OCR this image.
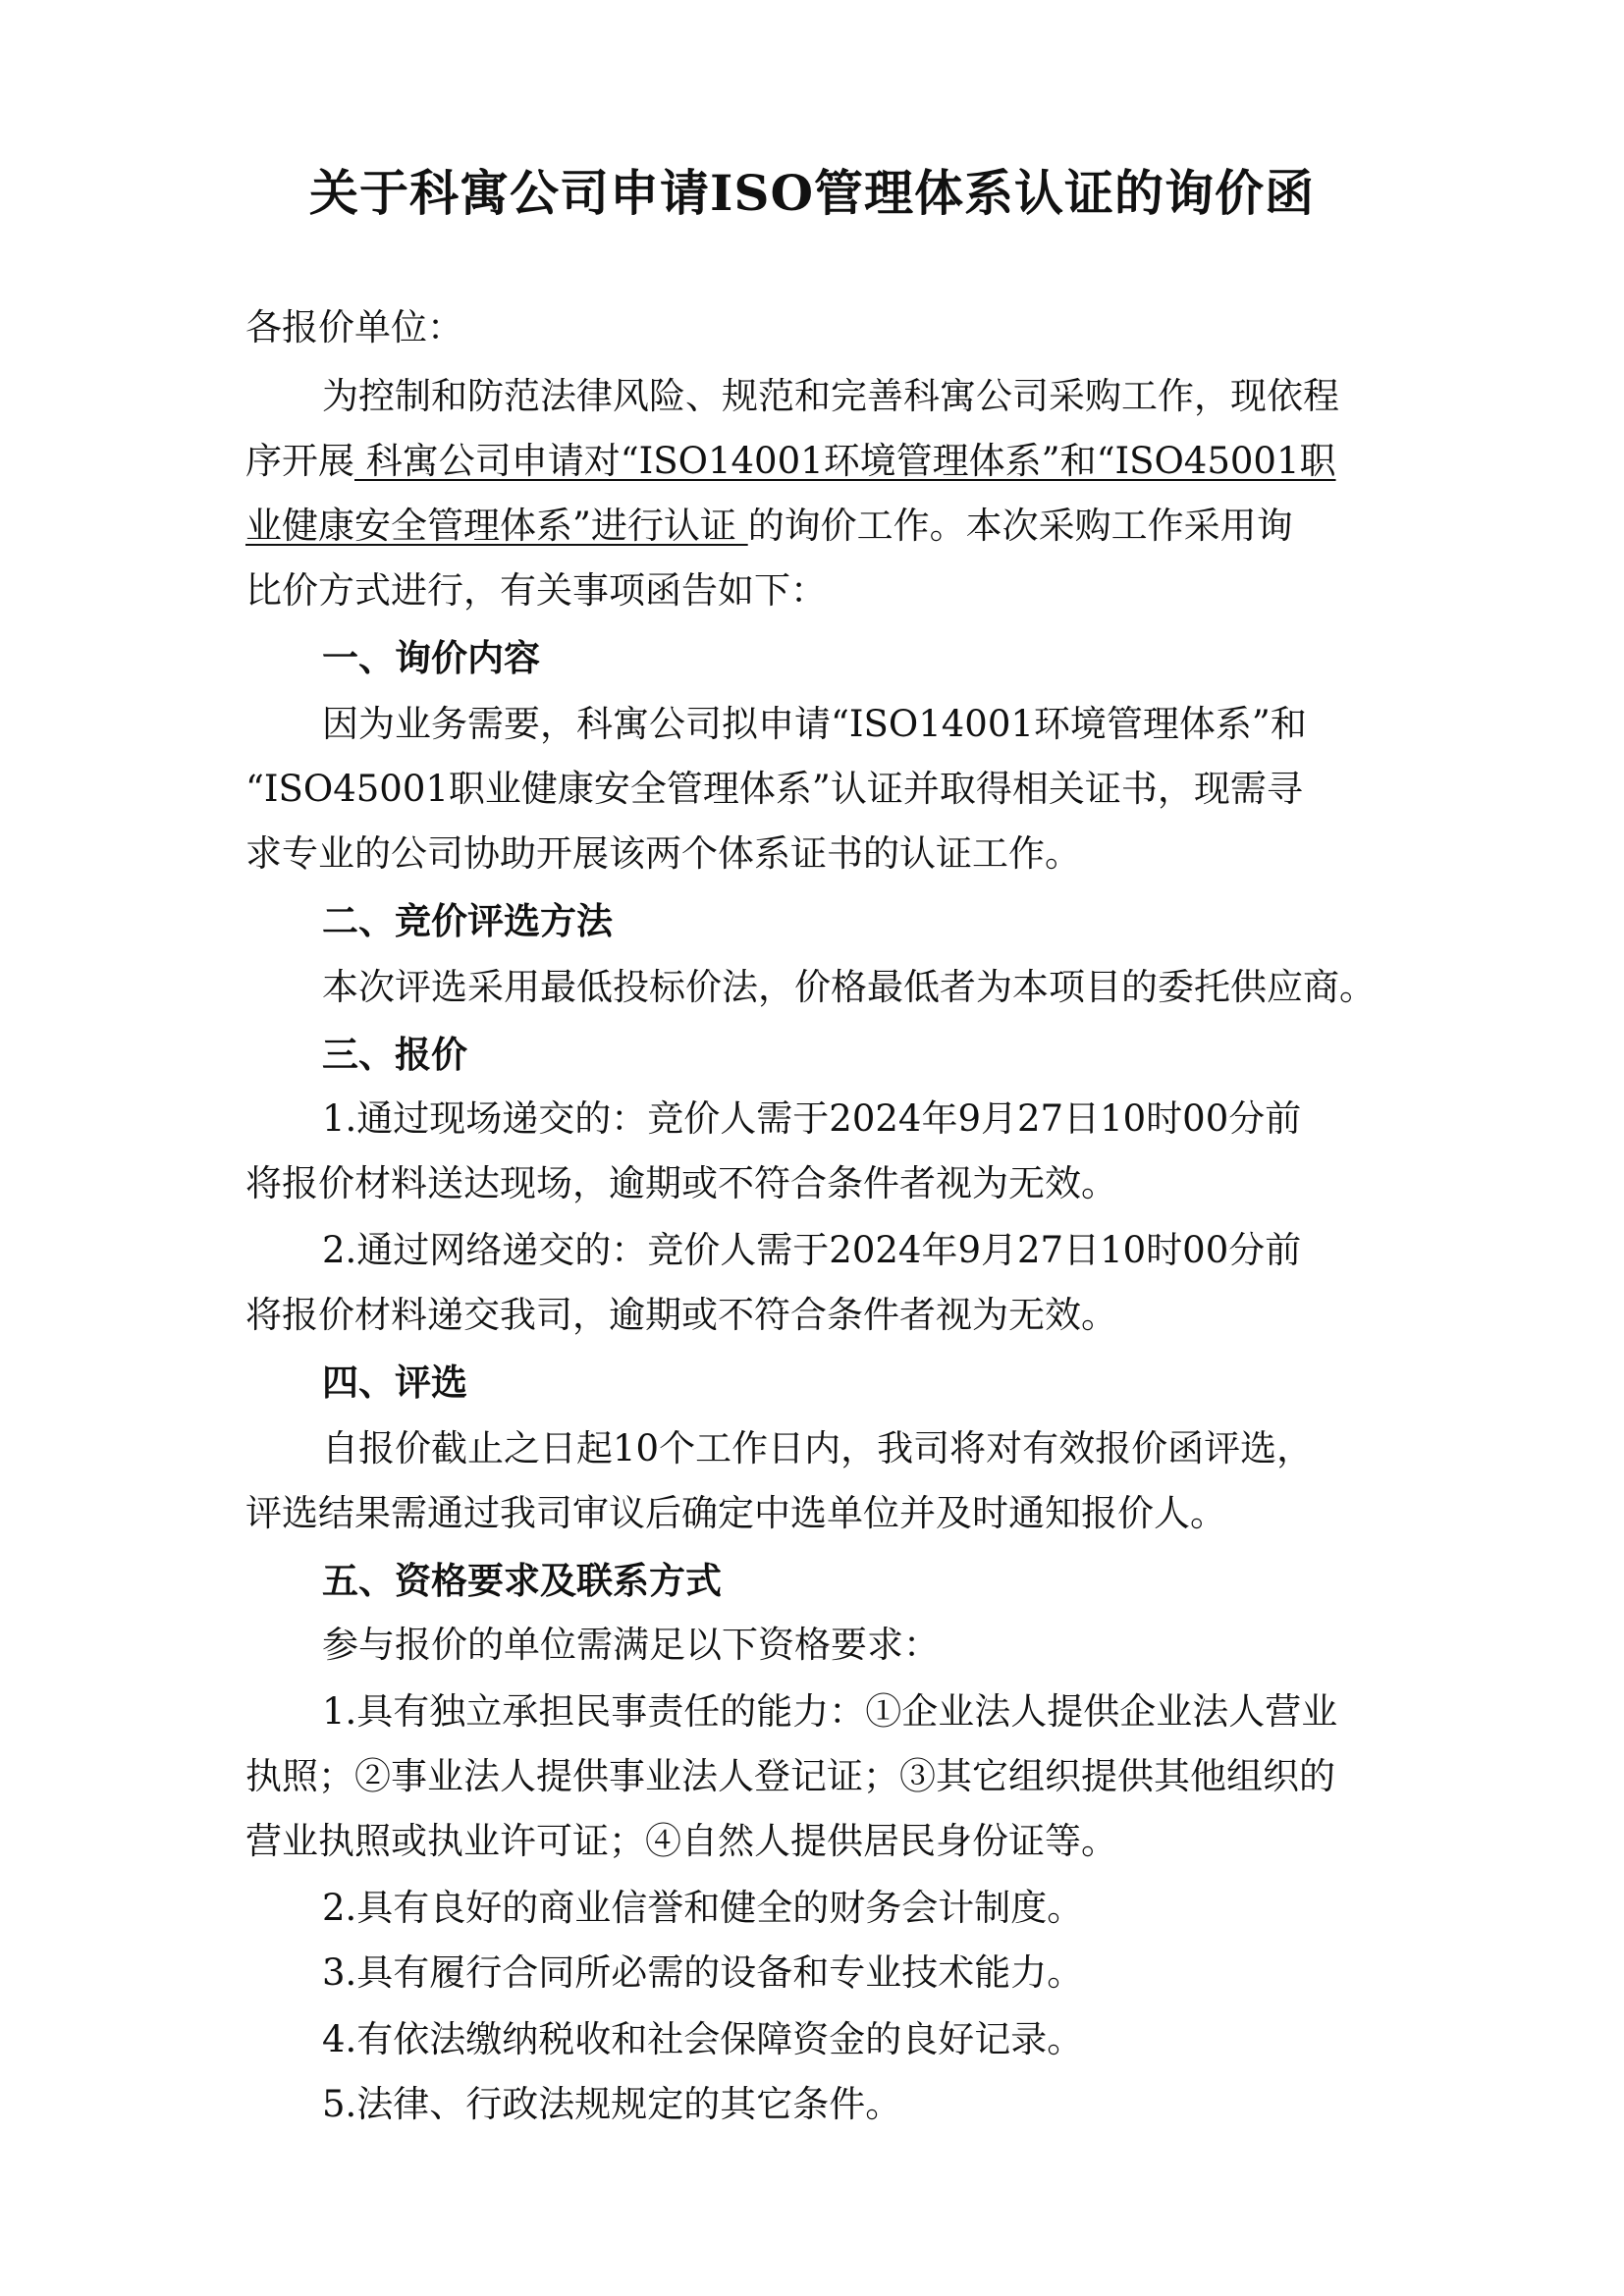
关于科寓公司申请ISO管理体系认证的询价函
各报价单位：
为控制和防范法律风险、规范和完善科寓公司采购工作，现依程
序开展 科寓公司申请对“ISO14001环境管理体系”和“ISO45001职
业健康安全管理体系”进行认证 的询价工作。本次采购工作采用询
比价方式进行，有关事项函告如下：
一、询价内容
因为业务需要，科寓公司拟申请“ISO14001环境管理体系”和
“ISO45001职业健康安全管理体系”认证并取得相关证书，现需寻
求专业的公司协助开展该两个体系证书的认证工作。
二、竞价评选方法
本次评选采用最低投标价法，价格最低者为本项目的委托供应商。
三、报价
1.通过现场递交的：竞价人需于2024年9月27日10时00分前
将报价材料送达现场，逾期或不符合条件者视为无效。
2.通过网络递交的：竞价人需于2024年9月27日10时00分前
将报价材料递交我司，逾期或不符合条件者视为无效。
四、评选
自报价截止之日起10个工作日内，我司将对有效报价函评选，
评选结果需通过我司审议后确定中选单位并及时通知报价人。
五、资格要求及联系方式
参与报价的单位需满足以下资格要求：
1.具有独立承担民事责任的能力：①企业法人提供企业法人营业
执照；②事业法人提供事业法人登记证；③其它组织提供其他组织的
营业执照或执业许可证；④自然人提供居民身份证等。
2.具有良好的商业信誉和健全的财务会计制度。
3.具有履行合同所必需的设备和专业技术能力。
4.有依法缴纳税收和社会保障资金的良好记录。
5.法律、行政法规规定的其它条件。
